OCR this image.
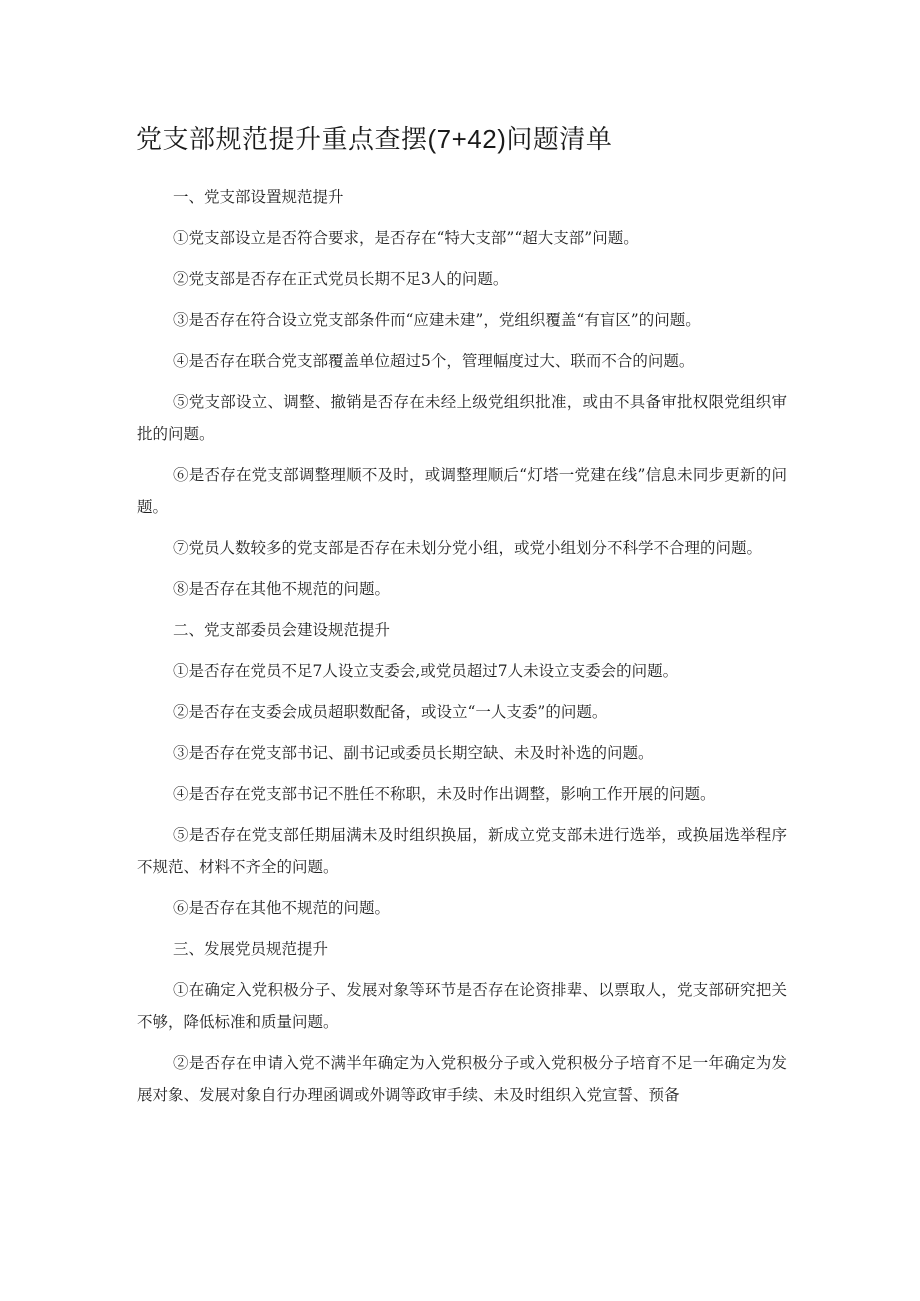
党支部规范提升重点查摆(7+42)问题清单

一、党支部设置规范提升

①党支部设立是否符合要求，是否存在“特大支部”“超大支部”问题。

②党支部是否存在正式党员长期不足3人的问题。

③是否存在符合设立党支部条件而“应建未建”，党组织覆盖“有盲区”的问题。

④是否存在联合党支部覆盖单位超过5个，管理幅度过大、联而不合的问题。

⑤党支部设立、调整、撤销是否存在未经上级党组织批准，或由不具备审批权限党组织审批的问题。

⑥是否存在党支部调整理顺不及时，或调整理顺后“灯塔一党建在线”信息未同步更新的问题。

⑦党员人数较多的党支部是否存在未划分党小组，或党小组划分不科学不合理的问题。

⑧是否存在其他不规范的问题。

二、党支部委员会建设规范提升

①是否存在党员不足7人设立支委会,或党员超过7人未设立支委会的问题。

②是否存在支委会成员超职数配备，或设立“一人支委”的问题。

③是否存在党支部书记、副书记或委员长期空缺、未及时补选的问题。

④是否存在党支部书记不胜任不称职，未及时作出调整，影响工作开展的问题。

⑤是否存在党支部任期届满未及时组织换届，新成立党支部未进行选举，或换届选举程序不规范、材料不齐全的问题。

⑥是否存在其他不规范的问题。

三、发展党员规范提升

①在确定入党积极分子、发展对象等环节是否存在论资排辈、以票取人，党支部研究把关不够，降低标准和质量问题。

②是否存在申请入党不满半年确定为入党积极分子或入党积极分子培育不足一年确定为发展对象、发展对象自行办理函调或外调等政审手续、未及时组织入党宣誓、预备
